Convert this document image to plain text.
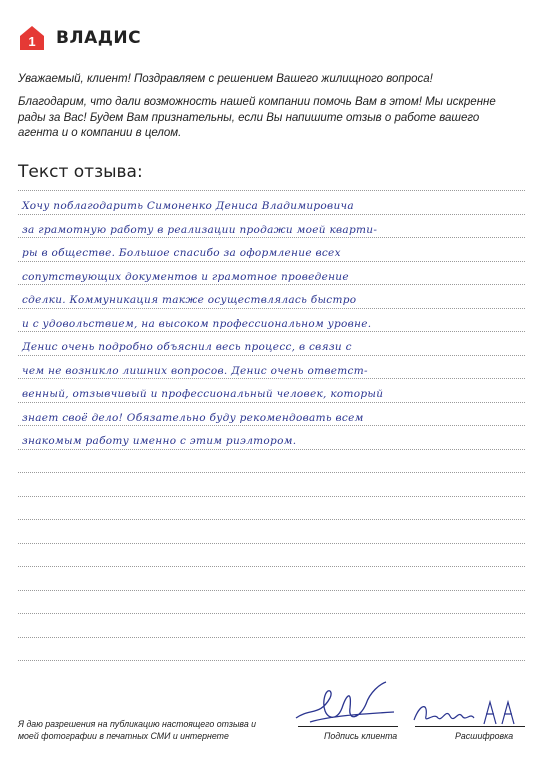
1 ВЛАДИС
Уважаемый, клиент! Поздравляем с решением Вашего жилищного вопроса!
Благодарим, что дали возможность нашей компании помочь Вам в этом! Мы искренне рады за Вас! Будем Вам признательны, если Вы напишите отзыв о работе вашего агента и о компании в целом.
Текст отзыва:
Хочу поблагодарить Симоненко Дениса Владимировича
за грамотную работу в реализации продажи моей кварти-
ры в обществе. Большое спасибо за оформление всех
сопутствующих документов и грамотное проведение
сделки. Коммуникация также осуществлялась быстро
и с удовольствием, на высоком профессиональном уровне.
Денис очень подробно объяснил весь процесс, в связи с
чем не возникло лишних вопросов. Денис очень ответст-
венный, отзывчивый и профессиональный человек, который
знает своё дело! Обязательно буду рекомендовать всем
знакомым работу именно с этим риэлтором.
Я даю разрешения на публикацию настоящего отзыва и моей фотографии в печатных СМИ и интернете	Подпись клиента	Расшифровка
